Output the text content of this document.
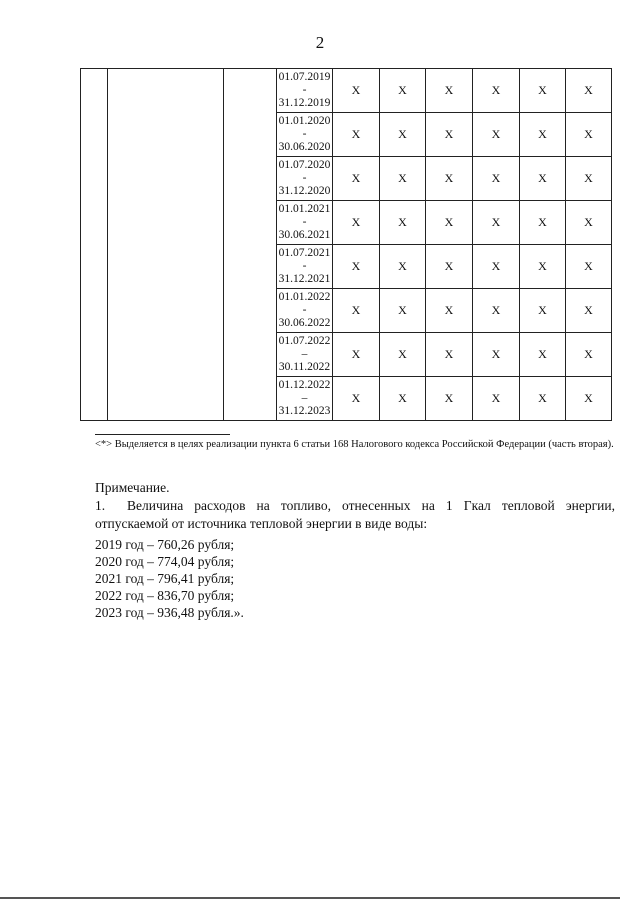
2

			01.07.2019
-
31.12.2019	X	X	X	X	X	X

			01.01.2020
-
30.06.2020	X	X	X	X	X	X

			01.07.2020
-
31.12.2020	X	X	X	X	X	X

			01.01.2021
-
30.06.2021	X	X	X	X	X	X

			01.07.2021
-
31.12.2021	X	X	X	X	X	X

			01.01.2022
-
30.06.2022	X	X	X	X	X	X

			01.07.2022
–
30.11.2022	X	X	X	X	X	X

			01.12.2022
–
31.12.2023	X	X	X	X	X	X
<*> Выделяется в целях реализации пункта 6 статьи 168 Налогового кодекса Российской Федерации (часть вторая).
Примечание.
1. Величина расходов на топливо, отнесенных на 1 Гкал тепловой энергии, отпускаемой от источника тепловой энергии в виде воды:
2019 год – 760,26 рубля;
2020 год – 774,04 рубля;
2021 год – 796,41 рубля;
2022 год – 836,70 рубля;
2023 год – 936,48 рубля.».
